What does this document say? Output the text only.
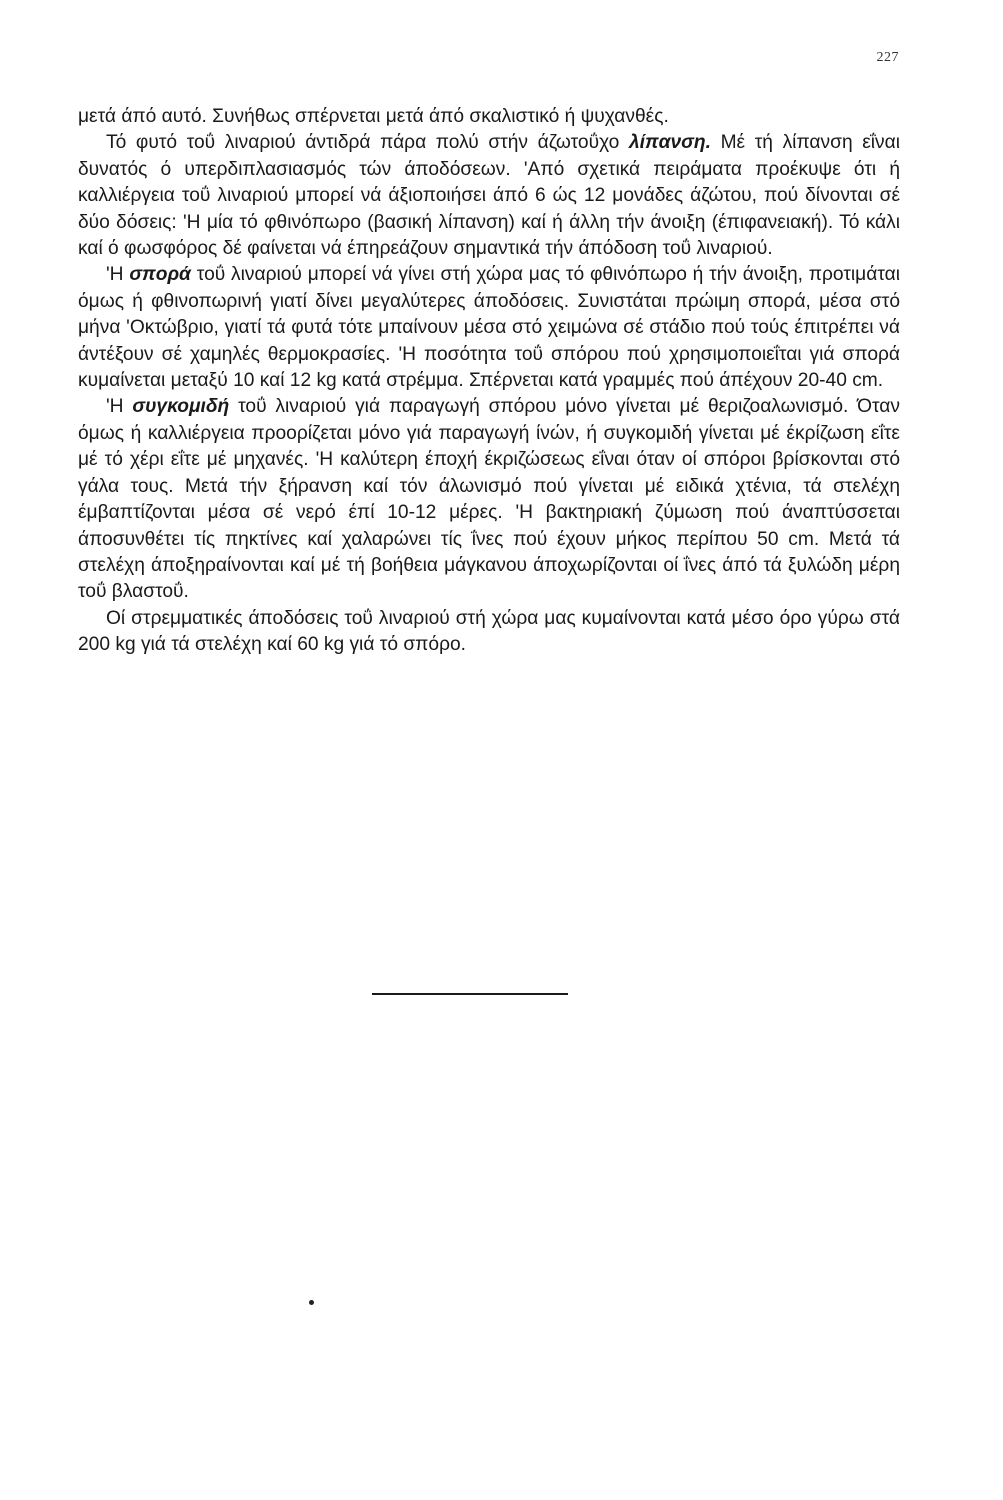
227

μετά άπό αυτό. Συνήθως σπέρνεται μετά άπό σκαλιστικό ή ψυχανθές.

Τό φυτό τοΰ λιναριού άντιδρά πάρα πολύ στήν άζωτοΰχο λίπανση. Μέ τή λίπανση εΐναι δυνατός ό υπερδιπλασιασμός τών άποδόσεων. 'Από σχετικά πειράματα προέκυψε ότι ή καλλιέργεια τοΰ λιναριού μπορεί νά άξιοποιήσει άπό 6 ώς 12 μονάδες άζώτου, πού δίνονται σέ δύο δόσεις: 'Η μία τό φθινόπωρο (βασική λίπανση) καί ή άλλη τήν άνοιξη (έπιφανειακή). Τό κάλι καί ό φωσφόρος δέ φαίνεται νά έπηρεάζουν σημαντικά τήν άπόδοση τοΰ λιναριού.

'Η σπορά τοΰ λιναριού μπορεί νά γίνει στή χώρα μας τό φθινόπωρο ή τήν άνοιξη, προτιμάται όμως ή φθινοπωρινή γιατί δίνει μεγαλύτερες άποδόσεις. Συνιστάται πρώιμη σπορά, μέσα στό μήνα 'Οκτώβριο, γιατί τά φυτά τότε μπαίνουν μέσα στό χειμώνα σέ στάδιο πού τούς έπιτρέπει νά άντέξουν σέ χαμηλές θερμοκρασίες. 'Η ποσότητα τοΰ σπόρου πού χρησιμοποιεΐται γιά σπορά κυμαίνεται μεταξύ 10 καί 12 kg κατά στρέμμα. Σπέρνεται κατά γραμμές πού άπέχουν 20-40 cm.

'Η συγκομιδή τοΰ λιναριού γιά παραγωγή σπόρου μόνο γίνεται μέ θεριζοαλωνισμό. Όταν όμως ή καλλιέργεια προορίζεται μόνο γιά παραγωγή ίνών, ή συγκομιδή γίνεται μέ έκρίζωση εΐτε μέ τό χέρι εΐτε μέ μηχανές. 'Η καλύτερη έποχή έκριζώσεως εΐναι όταν οί σπόροι βρίσκονται στό γάλα τους. Μετά τήν ξήρανση καί τόν άλωνισμό πού γίνεται μέ ειδικά χτένια, τά στελέχη έμβαπτίζονται μέσα σέ νερό έπί 10-12 μέρες. 'Η βακτηριακή ζύμωση πού άναπτύσσεται άποσυνθέτει τίς πηκτίνες καί χαλαρώνει τίς ΐνες πού έχουν μήκος περίπου 50 cm. Μετά τά στελέχη άποξηραίνονται καί μέ τή βοήθεια μάγκανου άποχωρίζονται οί ΐνες άπό τά ξυλώδη μέρη τοΰ βλαστοΰ.

Οί στρεμματικές άποδόσεις τοΰ λιναριού στή χώρα μας κυμαίνονται κατά μέσο όρο γύρω στά 200 kg γιά τά στελέχη καί 60 kg γιά τό σπόρο.
